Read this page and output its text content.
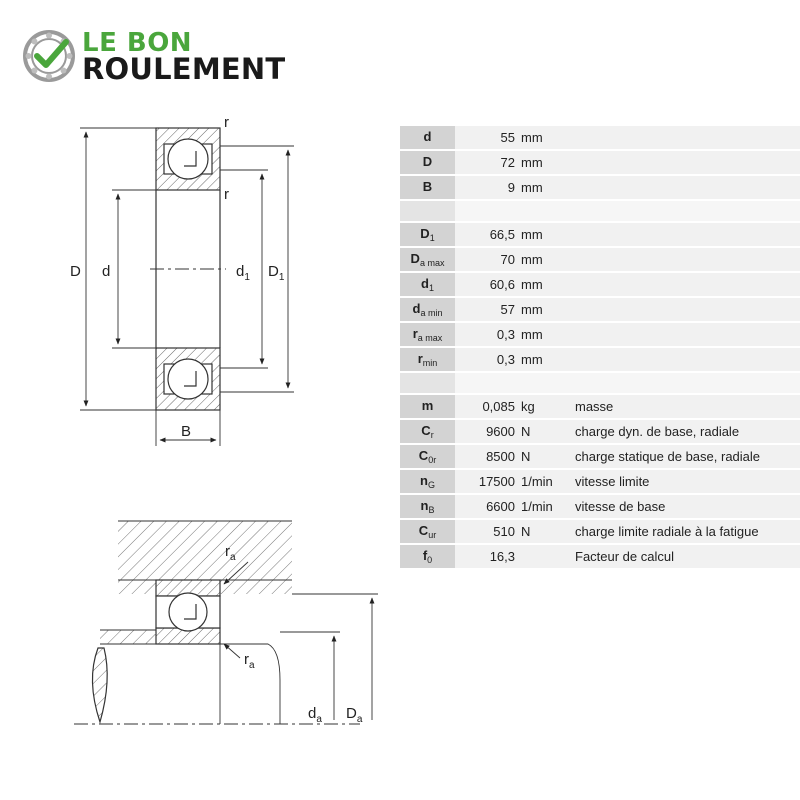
LE BON
ROULEMENT
r
r
D d	$d_1$ $D_1$
B
$r_a$
$r_a$
$d_a$ $D_a$
d	55 mm	

D	72 mm	

B	9 mm	

$D_1$	66,5 mm	

$D_{a max}$	70 mm	

$d_1$	60,6 mm	

$d_{a min}$	57 mm	

$r_{a max}$	0,3 mm	

$r_{min}$	0,3 mm	

m	0,085 kg	masse
$C_r$	9600 N	charge dyn. de base, radiale
$C_{0r}$	8500 N	charge statique de base, radiale
$n_G$	17500 1/min	vitesse limite
$n_B$	6600 1/min	vitesse de base
$C_{ur}$	510 N	charge limite radiale à la fatigue
$f_0$	16,3	Facteur de calcul
